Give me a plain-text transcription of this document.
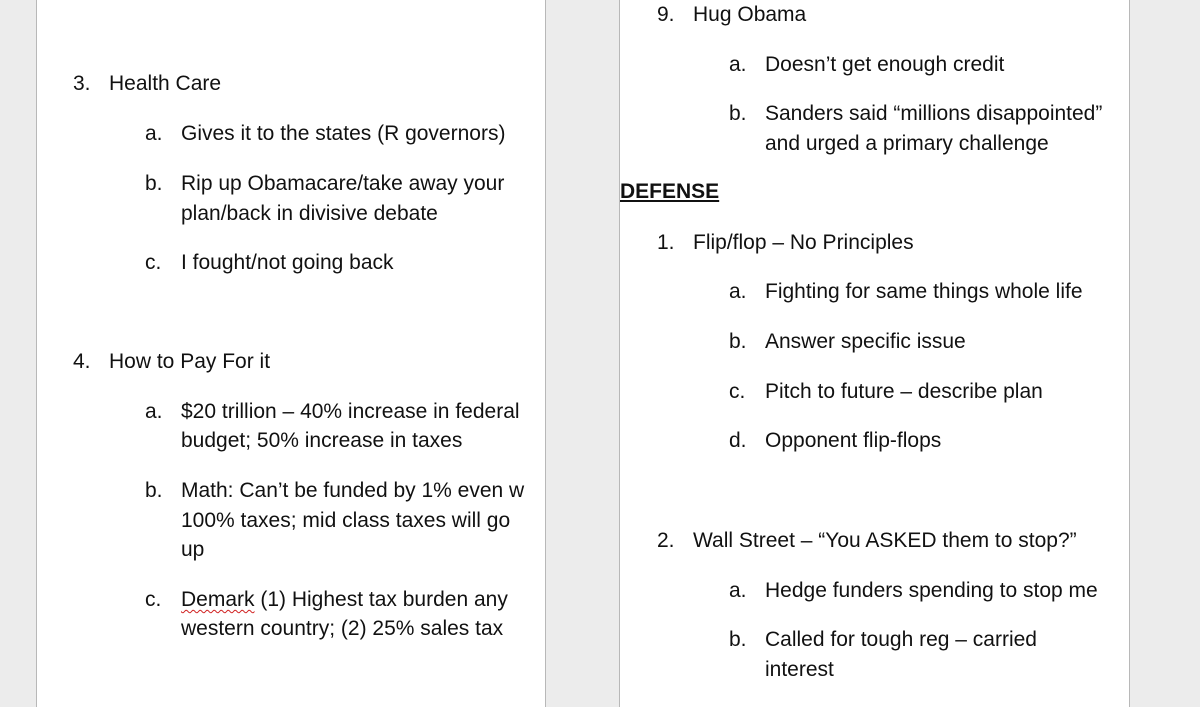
3. Health Care
a. Gives it to the states (R governors)
b. Rip up Obamacare/take away your
plan/back in divisive debate
c. I fought/not going back
4. How to Pay For it
a. $20 trillion – 40% increase in federal
budget; 50% increase in taxes
b. Math: Can’t be funded by 1% even w
100% taxes; mid class taxes will go
up
c. Demark (1) Highest tax burden any
western country; (2) 25% sales tax
9. Hug Obama
a. Doesn’t get enough credit
b. Sanders said “millions disappointed”
and urged a primary challenge
DEFENSE
1. Flip/flop – No Principles
a. Fighting for same things whole life
b. Answer specific issue
c. Pitch to future – describe plan
d. Opponent flip-flops
2. Wall Street – “You ASKED them to stop?”
a. Hedge funders spending to stop me
b. Called for tough reg – carried
interest
